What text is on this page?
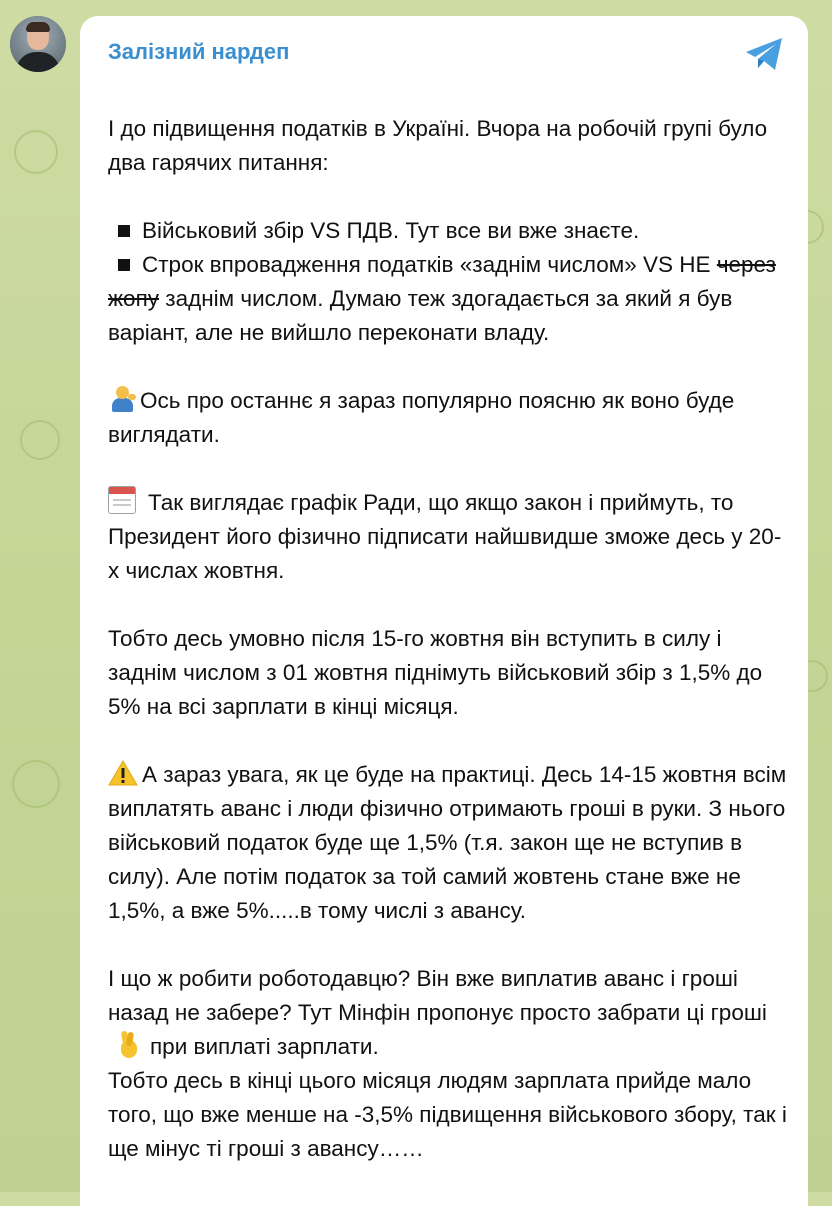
Залізний нардеп

І до підвищення податків в Україні. Вчора на робочій групі було два гарячих питання:

Військовий збір VS ПДВ. Тут все ви вже знаєте.

Строк впровадження податків «заднім числом» VS НЕ через жопу заднім числом. Думаю теж здогадається за який я був варіант, але не вийшло переконати владу.

Ось про останнє я зараз популярно поясню як воно буде виглядати.

Так виглядає графік Ради, що якщо закон і приймуть, то Президент його фізично підписати найшвидше зможе десь у 20-х числах жовтня.

Тобто десь умовно після 15-го жовтня він вступить в силу і заднім числом з 01 жовтня піднімуть військовий збір з 1,5% до 5% на всі зарплати в кінці місяця.

А зараз увага, як це буде на практиці. Десь 14-15 жовтня всім виплатять аванс і люди фізично отримають гроші в руки. З нього військовий податок буде ще 1,5% (т.я. закон ще не вступив в силу). Але потім податок за той самий жовтень стане вже не 1,5%, а вже 5%.....в тому числі з авансу.

І що ж робити роботодавцю? Він вже виплатив аванс і гроші назад не забере? Тут Мінфін пропонує просто забрати ці гроші
при виплаті зарплати.

Тобто десь в кінці цього місяця людям зарплата прийде мало того, що вже менше на -3,5% підвищення військового збору, так і ще мінус ті гроші з авансу……
